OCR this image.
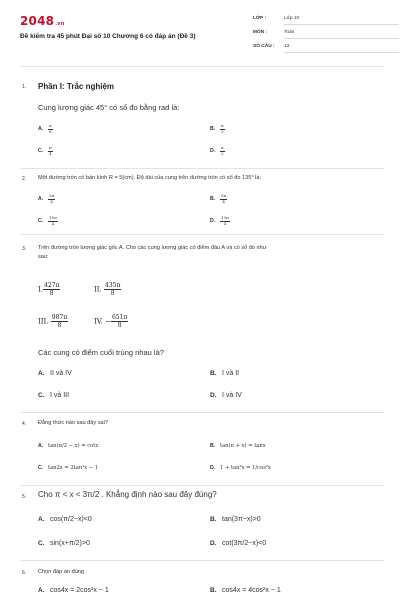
2048.vn
Đề kiểm tra 45 phút Đại số 10 Chương 6 có đáp án (Đề 3)
LỚP :	Lớp 10
MÔN :	Toán
SỐ CÂU : 13
1. Phần I: Trắc nghiệm
Cung lượng giác 45° có số đo bằng rad là:
A. $\frac{\pi}{6}$	B. $\frac{\pi}{3}$
C. $\frac{\pi}{4}$	D. $\frac{\pi}{2}$
2. Một đường tròn có bán kính R = 5(cm). Độ dài của cung trên đường tròn có số đo 135° là:
A. $\frac{3\pi}{4}$	B. $\frac{5\pi}{4}$
C. $\frac{15\pi}{4}$	D. $\frac{13\pi}{4}$
3. Trên đường tròn lượng giác gốc A. Cho các cung lượng giác có điểm đầu A và có số đo như
sau:
I. $\frac{427\pi}{8}$	II. $\frac{435\pi}{8}$
III. $\frac{987\pi}{8}$	IV. − $\frac{651\pi}{8}$
Các cung có điểm cuối trùng nhau là?
A. II và IV	B. I và II
C. I và III	D. I và IV
4. Đẳng thức nào sau đây sai?
A. tan(π/2 − x) = cotx	B. tan(π + x) = tanx
C. tan2x = 2tan²x − 1	D. 1 + tan²x = 1/cos²x
5. Cho π < x < 3π/2 . Khẳng định nào sau đây đúng?
A. cos(π/2−x)<0	B. tan(3π−x)>0
C. sin(x+π/2)>0	D. cot(3π/2−x)<0
6. Chọn đáp án đúng
A. cos4x = 2cos²x − 1	B. cos4x = 4cos²x − 1
